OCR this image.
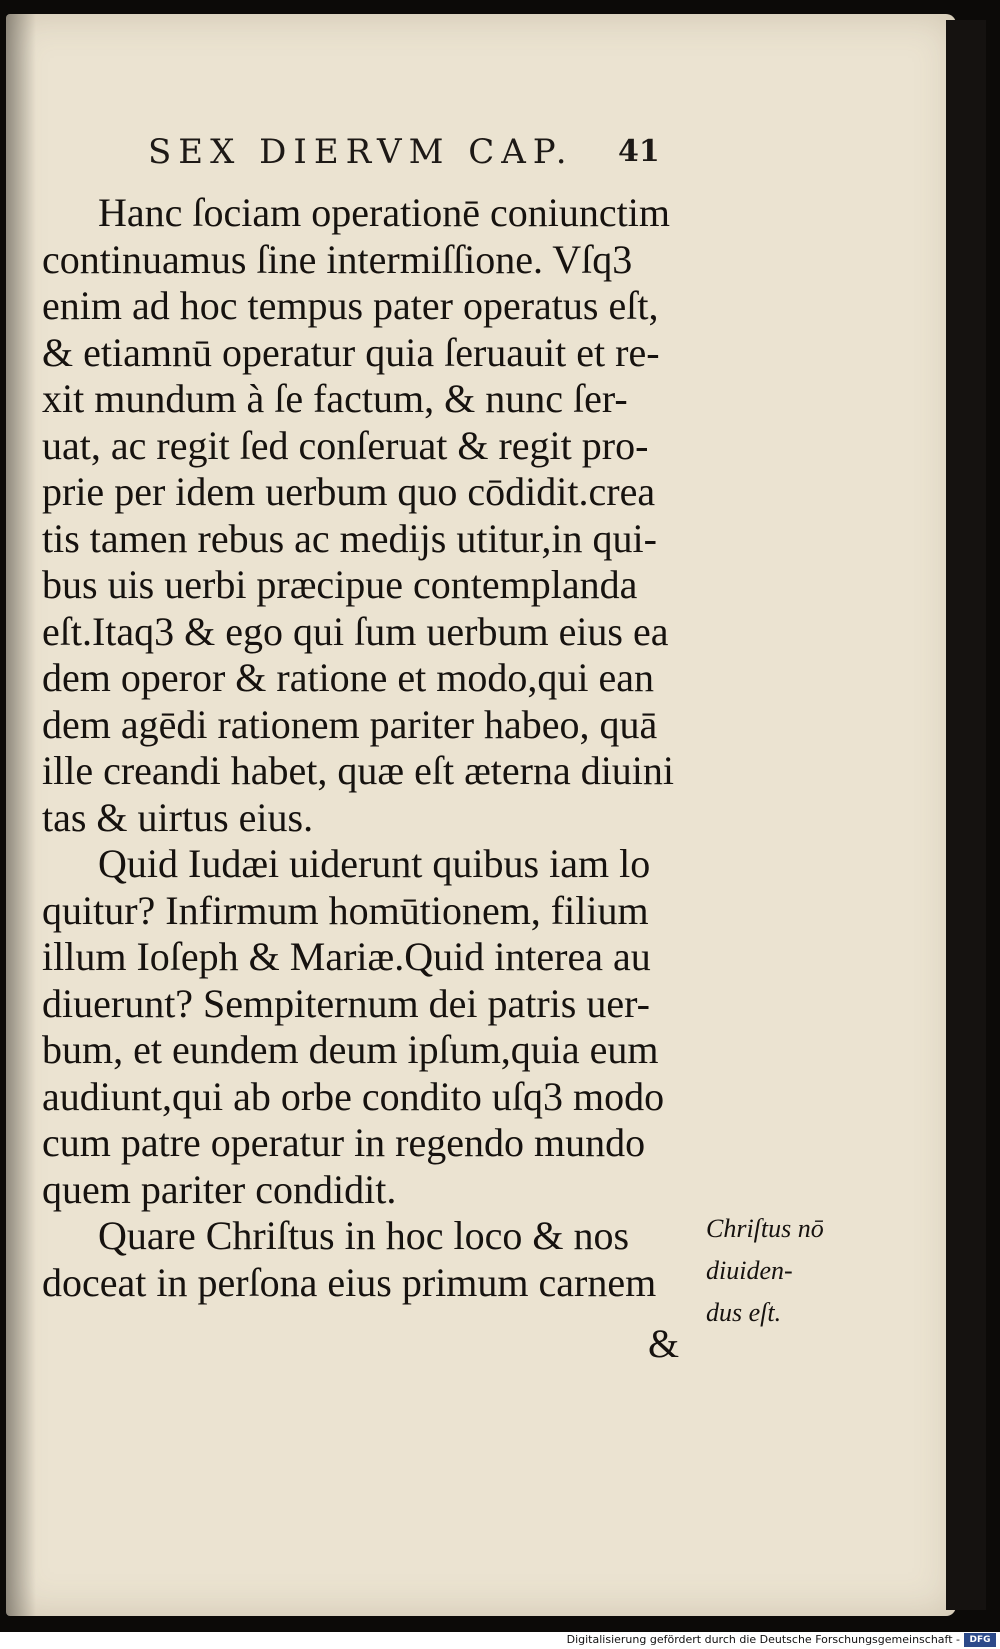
SEX DIERVM CAP. 41
Hanc ſociam operationē coniunctim
continuamus ſine intermiſſione. Vſq3
enim ad hoc tempus pater operatus eſt,
& etiamnū operatur quia ſeruauit et re-
xit mundum à ſe factum, & nunc ſer-
uat, ac regit ſed conſeruat & regit pro-
prie per idem uerbum quo cōdidit.crea
tis tamen rebus ac medijs utitur,in qui-
bus uis uerbi præcipue contemplanda
eſt.Itaq3 & ego qui ſum uerbum eius ea
dem operor & ratione et modo,qui ean
dem agēdi rationem pariter habeo, quā
ille creandi habet, quæ eſt æterna diuini
tas & uirtus eius.
Quid Iudæi uiderunt quibus iam lo
quitur? Infirmum homūtionem, filium
illum Ioſeph & Mariæ.Quid interea au
diuerunt? Sempiternum dei patris uer-
bum, et eundem deum ipſum,quia eum
audiunt,qui ab orbe condito uſq3 modo
cum patre operatur in regendo mundo
quem pariter condidit.
Quare Chriſtus in hoc loco & nos
doceat in perſona eius primum carnem
&
Chriſtus nō
diuiden-
dus eſt.
Digitalisierung gefördert durch die Deutsche Forschungsgemeinschaft -	DFG
